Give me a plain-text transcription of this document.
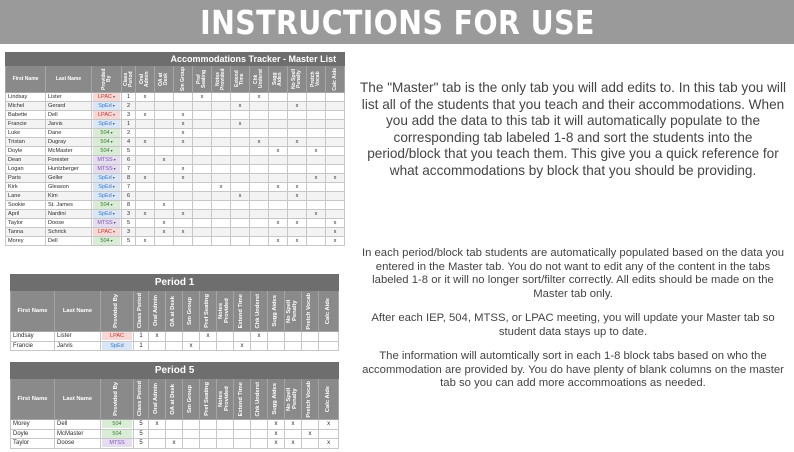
INSTRUCTIONS FOR USE
Accommodations Tracker - Master List														
First Name	Last Name	Provided By	Class Period	Oral Admin	OA at Desk	Sm Group	Pref Seating	Notes Provided	Extend Time	Chk Underst	Sugg Aides	No Spell Penalty	Pretch Vocab	Calc Aide

Lindsay	Lister	LPAC▾	1	x			x			x				
Michel	Gerard	SpEd▾	2						x			x		
Babette	Dell	LPAC▾	3	x		x								
Francie	Jarvis	SpEd▾	1			x			x					
Luke	Dane	504▾	2			x								
Tristan	Dugray	504▾	4	x		x				x		x		
Doyle	McMaster	504▾	5								x		x	
Dean	Forester	MTSS▾	6		x									
Logan	Huntzberger	MTSS▾	7			x								
Paris	Geller	SpEd▾	8	x		x							x	x
Kirk	Gleason	SpEd▾	7					x			x	x		
Lane	Kim	SpEd▾	6						x			x		
Sookie	St. James	504▾	8		x									
April	Nardini	SpEd▾	3	x		x							x	
Taylor	Doose	MTSS▾	5		x						x	x		x
Tanna	Schrick	LPAC▾	3		x	x								x
Morey	Dell	504▾	5	x							x	x		x
Period 1														
First Name	Last Name	Provided By	Class Period	Oral Admin	OA at Desk	Sm Group	Pref Seating	Notes Provided	Extend Time	Chk Underst	Sugg Aides	No Spell Penalty	Pretch Vocab	Calc Aide

Lindsay	Lister	LPAC	1	x			x			x				
Francie	Jarvis	SpEd	1			x			x					
Period 5														
First Name	Last Name	Provided By	Class Period	Oral Admin	OA at Desk	Sm Group	Pref Seating	Notes Provided	Extend Time	Chk Underst	Sugg Aides	No Spell Penalty	Pretch Vocab	Calc Aide

Morey	Dell	504	5	x							x	x		x
Doyle	McMaster	504	5								x		x	
Taylor	Doose	MTSS	5		x						x	x		x
The "Master" tab is the only tab you will add edits to. In this tab you will list all of the students that you teach and their accommodations. When you add the data to this tab it will automatically populate to the corresponding tab labeled 1-8 and sort the students into the period/block that you teach them. This give you a quick reference for what accommodations by block that you should be providing.

In each period/block tab students are automatically populated based on the data you entered in the Master tab. You do not want to edit any of the content in the tabs labeled 1-8 or it will no longer sort/filter correctly. All edits should be made on the Master tab only.

After each IEP, 504, MTSS, or LPAC meeting, you will update your Master tab so student data stays up to date.

The information will automtically sort in each 1-8 block tabs based on who the accommodation are provided by. You do have plenty of blank columns on the master tab so you can add more accommoations as needed.
